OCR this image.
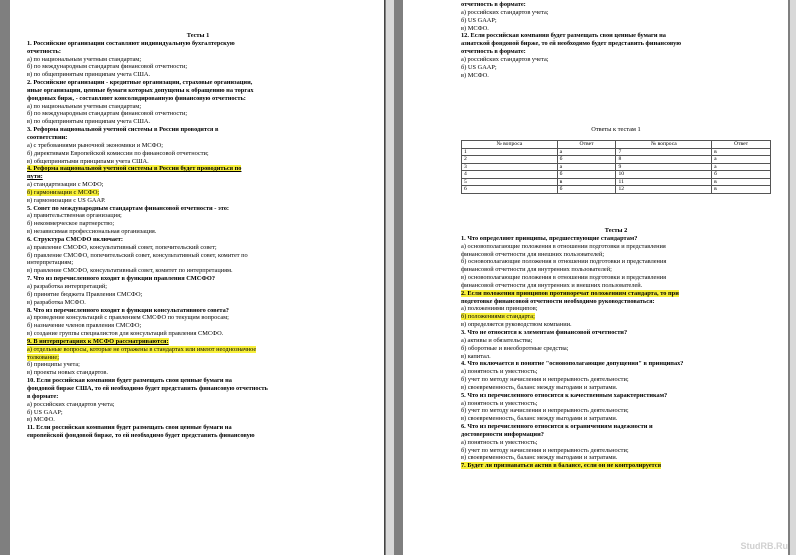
Тесты 1

1. Российские организации составляют индивидуальную бухгалтерскую

отчетность:

а) по национальным учетным стандартам;

б) по международным стандартам финансовой отчетности;

в) по общепринятым принципам учета США.

2. Российские организации - кредитные организации, страховые организации,

иные организации, ценные бумаги которых допущены к обращению на торгах

фондовых бирж, - составляют консолидированную финансовую отчетность:

а) по национальным учетным стандартам;

б) по международным стандартам финансовой отчетности;

в) по общепринятым принципам учета США.

3. Реформа национальной учетной системы в России проводится в

соответствии:

а) с требованиями рыночной экономики и МСФО;

б) директивами Европейской комиссии по финансовой отчетности;

в) общепринятыми принципами учета США.

4. Реформа национальной учетной системы в России будет проводиться по

пути:

а) стандартизации с МСФО;

б) гармонизации с МСФО;

в) гармонизации с US GAAP.

5. Совет по международным стандартам финансовой отчетности - это:

а) правительственная организация;

б) некоммерческое партнерство;

в) независимая профессиональная организация.

6. Структура СМСФО включает:

а) правление СМСФО, консультативный совет, попечительский совет;

б) правление СМСФО, попечительский совет, консультативный совет, комитет по

интерпретациям;

в) правление СМСФО, консультативный совет, комитет по интерпретациям.

7. Что из перечисленного входит в функции правления СМСФО?

а) разработка интерпретаций;

б) принятие бюджета Правления СМСФО;

в) разработка МСФО.

8. Что из перечисленного входит в функции консультативного совета?

а) проведение консультаций с правлением СМСФО по текущим вопросам;

б) назначение членов правления СМСФО;

в) создание группы специалистов для консультаций правления СМСФО.

9. В интерпретациях к МСФО рассматриваются:

а) отдельные вопросы, которые не отражены в стандартах или имеют неоднозначное

толкование;

б) принципы учета;

в) проекты новых стандартов.

10. Если российская компания будет размещать свои ценные бумаги на

фондовой бирже США, то ей необходимо будет представить финансовую отчетность

в формате:

а) российских стандартов учета;

б) US GAAP;

в) МСФО.

11. Если российская компания будет размещать свои ценные бумаги на

европейской фондовой бирже, то ей необходимо будет представить финансовую

отчетность в формате:

а) российских стандартов учета;

б) US GAAP;

в) МСФО.

12. Если российская компания будет размещать свои ценные бумаги на

азиатской фондовой бирже, то ей необходимо будет представить финансовую

отчетность в формате:

а) российских стандартов учета;

б) US GAAP;

в) МСФО.

Ответы к тестам 1
№ вопроса	Ответ	№ вопроса	Ответ
1	а	7	в
2	б	8	а
3	а	9	а
4	б	10	б
5	в	11	в
6	б	12	в

Тесты 2

1. Что определяют принципы, предшествующие стандартам?

а) основополагающие положения в отношении подготовки и представления

финансовой отчетности для внешних пользователей;

б) основополагающие положения в отношении подготовки и представления

финансовой отчетности для внутренних пользователей;

в) основополагающие положения в отношении подготовки и представления

финансовой отчетности для внутренних и внешних пользователей.

2. Если положения принципов противоречат положениям стандарта, то при

подготовке финансовой отчетности необходимо руководствоваться:

а) положениями принципов;

б) положениями стандарта;

в) определяется руководством компании.

3. Что не относится к элементам финансовой отчетности?

а) активы и обязательства;

б) оборотные и внеоборотные средства;

в) капитал.

4. Что включается в понятие "основополагающие допущения" в принципах?

а) понятность и уместность;

б) учет по методу начисления и непрерывность деятельности;

в) своевременность, баланс между выгодами и затратами.

5. Что из перечисленного относится к качественным характеристикам?

а) понятность и уместность;

б) учет по методу начисления и непрерывность деятельности;

в) своевременность, баланс между выгодами и затратами.

6. Что из перечисленного относится к ограничениям надежности и

достоверности информации?

а) понятность и уместность;

б) учет по методу начисления и непрерывность деятельности;

в) своевременность, баланс между выгодами и затратами.

7. Будет ли признаваться актив в балансе, если он не контролируется

StudRB.Ru
